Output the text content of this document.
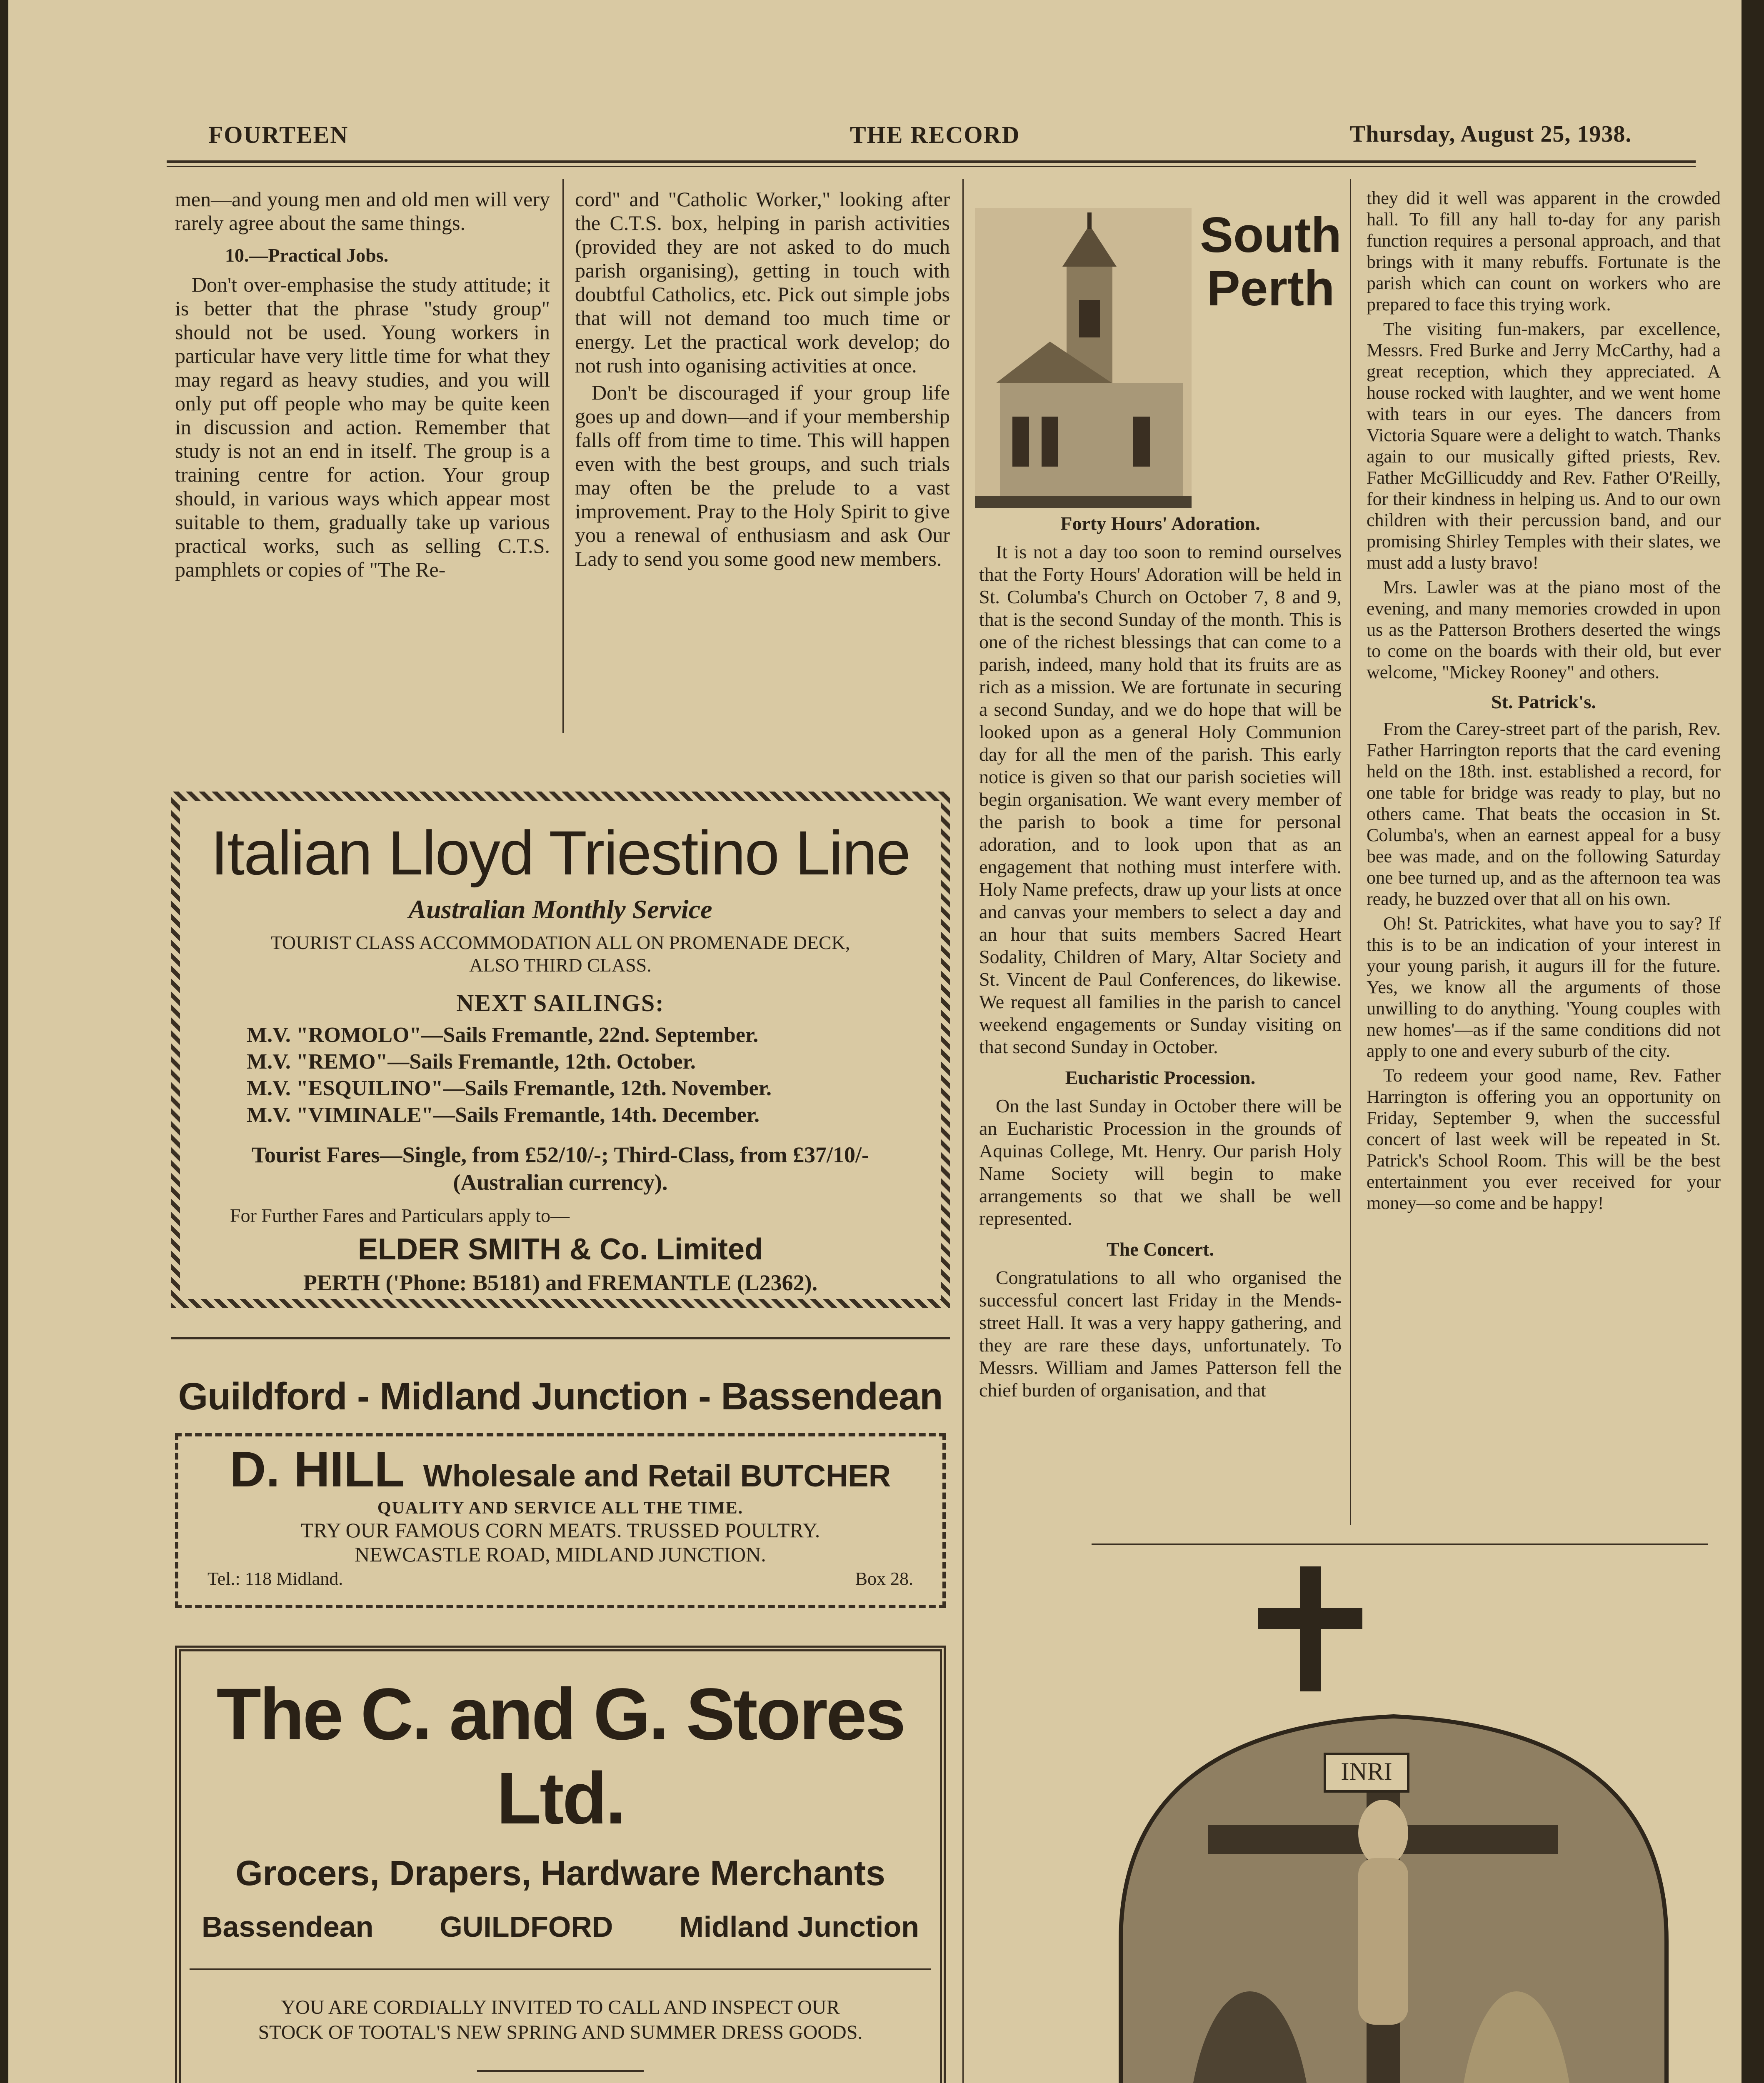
FOURTEEN	THE RECORD	Thursday, August 25, 1938.

men—and young men and old men will very rarely agree about the same things.

10.—Practical Jobs.

Don't over-emphasise the study attitude; it is better that the phrase "study group" should not be used. Young workers in particular have very little time for what they may regard as heavy studies, and you will only put off people who may be quite keen in discussion and action. Remember that study is not an end in itself. The group is a training centre for action. Your group should, in various ways which appear most suitable to them, gradually take up various practical works, such as selling C.T.S. pamphlets or copies of "The Re-

cord" and "Catholic Worker," looking after the C.T.S. box, helping in parish activities (provided they are not asked to do much parish organising), getting in touch with doubtful Catholics, etc. Pick out simple jobs that will not demand too much time or energy. Let the practical work develop; do not rush into oganising activities at once.

Don't be discouraged if your group life goes up and down—and if your membership falls off from time to time. This will happen even with the best groups, and such trials may often be the prelude to a vast improvement. Pray to the Holy Spirit to give you a renewal of enthusiasm and ask Our Lady to send you some good new members.

Italian Lloyd Triestino Line
Australian Monthly Service
TOURIST CLASS ACCOMMODATION ALL ON PROMENADE DECK, ALSO THIRD CLASS.
NEXT SAILINGS:
M.V. "ROMOLO"—Sails Fremantle, 22nd. September.
M.V. "REMO"—Sails Fremantle, 12th. October.
M.V. "ESQUILINO"—Sails Fremantle, 12th. November.
M.V. "VIMINALE"—Sails Fremantle, 14th. December.
Tourist Fares—Single, from £52/10/-; Third-Class, from £37/10/- (Australian currency).
For Further Fares and Particulars apply to—
ELDER SMITH & Co. Limited
PERTH ('Phone: B5181) and FREMANTLE (L2362).
Guildford - Midland Junction - Bassendean
D. HILL Wholesale and Retail BUTCHER
QUALITY AND SERVICE ALL THE TIME.
TRY OUR FAMOUS CORN MEATS. TRUSSED POULTRY.
NEWCASTLE ROAD, MIDLAND JUNCTION.
Tel.: 118 Midland.	Box 28.
The C. and G. Stores Ltd.
Grocers, Drapers, Hardware Merchants
Bassendean GUILDFORD Midland Junction
YOU ARE CORDIALLY INVITED TO CALL AND INSPECT OUR STOCK OF TOOTAL'S NEW SPRING AND SUMMER DRESS GOODS.
South Perth
Forty Hours' Adoration.

It is not a day too soon to remind ourselves that the Forty Hours' Adoration will be held in St. Columba's Church on October 7, 8 and 9, that is the second Sunday of the month. This is one of the richest blessings that can come to a parish, indeed, many hold that its fruits are as rich as a mission. We are fortunate in securing a second Sunday, and we do hope that will be looked upon as a general Holy Communion day for all the men of the parish. This early notice is given so that our parish societies will begin organisation. We want every member of the parish to book a time for personal adoration, and to look upon that as an engagement that nothing must interfere with. Holy Name prefects, draw up your lists at once and canvas your members to select a day and an hour that suits members Sacred Heart Sodality, Children of Mary, Altar Society and St. Vincent de Paul Conferences, do likewise. We request all families in the parish to cancel weekend engagements or Sunday visiting on that second Sunday in October.

Eucharistic Procession.

On the last Sunday in October there will be an Eucharistic Procession in the grounds of Aquinas College, Mt. Henry. Our parish Holy Name Society will begin to make arrangements so that we shall be well represented.

The Concert.

Congratulations to all who organised the successful concert last Friday in the Mends-street Hall. It was a very happy gathering, and they are rare these days, unfortunately. To Messrs. William and James Patterson fell the chief burden of organisation, and that

they did it well was apparent in the crowded hall. To fill any hall to-day for any parish function requires a personal approach, and that brings with it many rebuffs. Fortunate is the parish which can count on workers who are prepared to face this trying work.

The visiting fun-makers, par excellence, Messrs. Fred Burke and Jerry McCarthy, had a great reception, which they appreciated. A house rocked with laughter, and we went home with tears in our eyes. The dancers from Victoria Square were a delight to watch. Thanks again to our musically gifted priests, Rev. Father McGillicuddy and Rev. Father O'Reilly, for their kindness in helping us. And to our own children with their percussion band, and our promising Shirley Temples with their slates, we must add a lusty bravo!

Mrs. Lawler was at the piano most of the evening, and many memories crowded in upon us as the Patterson Brothers deserted the wings to come on the boards with their old, but ever welcome, "Mickey Rooney" and others.

St. Patrick's.

From the Carey-street part of the parish, Rev. Father Harrington reports that the card evening held on the 18th. inst. established a record, for one table for bridge was ready to play, but no others came. That beats the occasion in St. Columba's, when an earnest appeal for a busy bee was made, and on the following Saturday one bee turned up, and as the afternoon tea was ready, he buzzed over that all on his own.

Oh! St. Patrickites, what have you to say? If this is to be an indication of your interest in your young parish, it augurs ill for the future. Yes, we know all the arguments of those unwilling to do anything. 'Young couples with new homes'—as if the same conditions did not apply to one and every suburb of the city.

To redeem your good name, Rev. Father Harrington is offering you an opportunity on Friday, September 9, when the successful concert of last week will be repeated in St. Patrick's School Room. This will be the best entertainment you ever received for your money—so come and be happy!

INRI
